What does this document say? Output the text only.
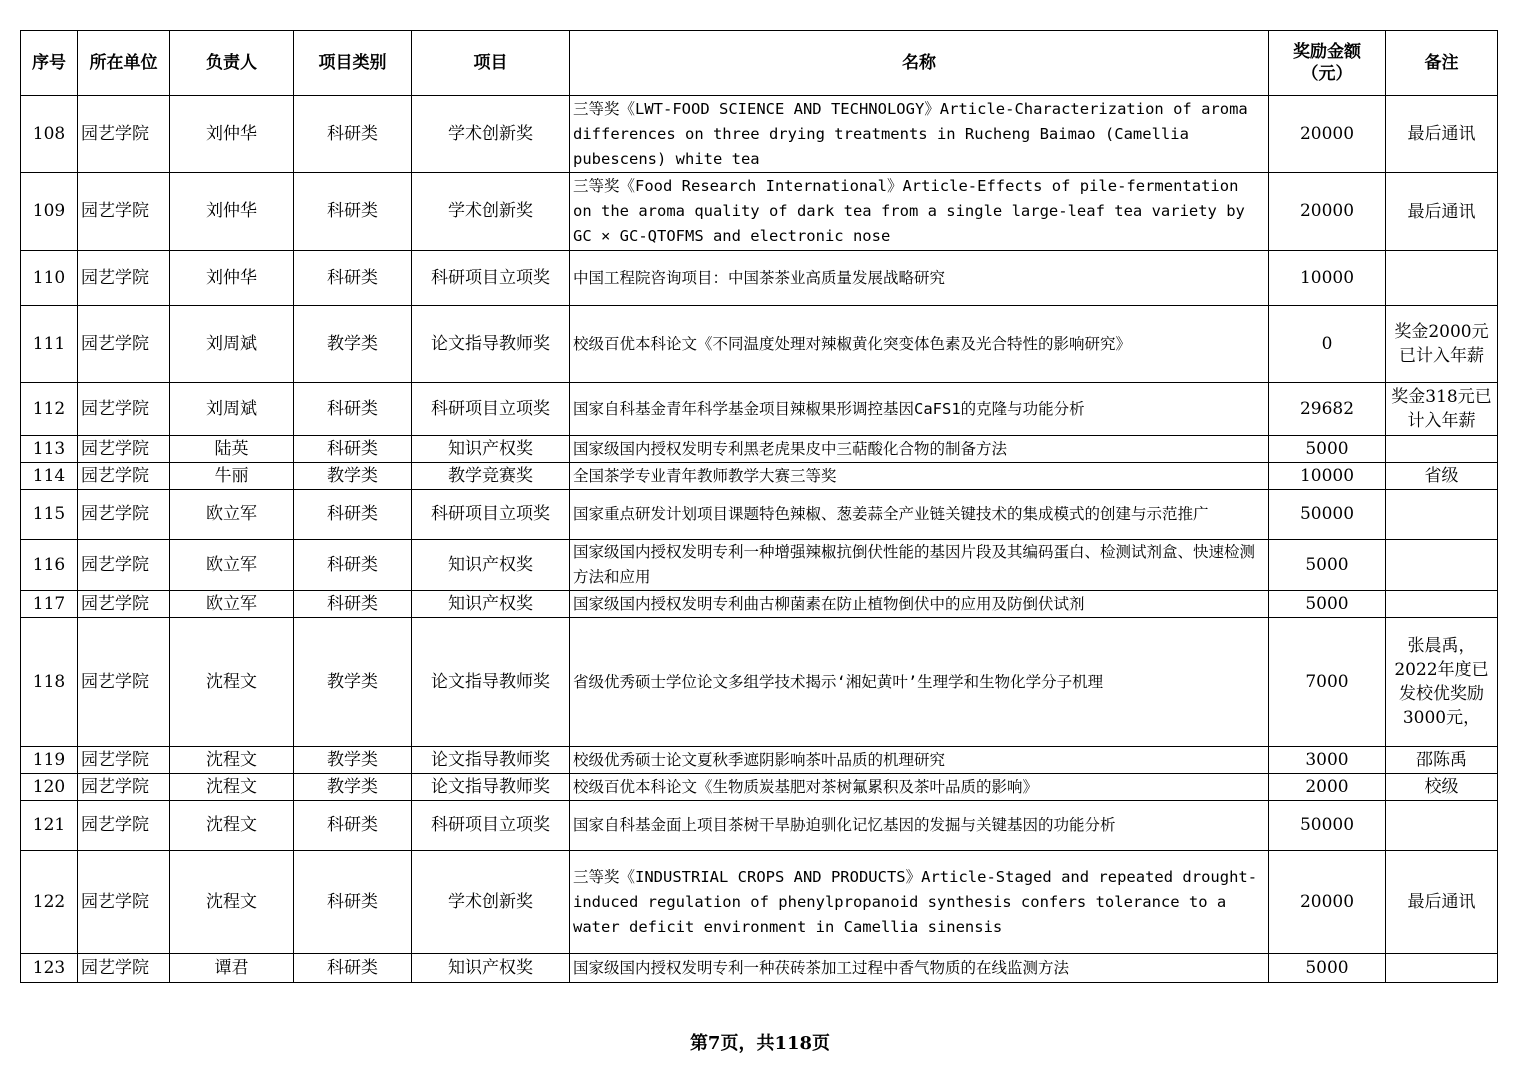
序号	所在单位	负责人	项目类别	项目	名称	奖励金额（元）	备注
108	园艺学院	刘仲华	科研类	学术创新奖	三等奖《LWT-FOOD SCIENCE AND TECHNOLOGY》Article-Characterization of aroma differences on three drying treatments in Rucheng Baimao (Camellia pubescens) white tea	20000	最后通讯
109	园艺学院	刘仲华	科研类	学术创新奖	三等奖《Food Research International》Article-Effects of pile-fermentation on the aroma quality of dark tea from a single large-leaf tea variety by GC × GC-QTOFMS and electronic nose	20000	最后通讯
110	园艺学院	刘仲华	科研类	科研项目立项奖	中国工程院咨询项目：中国茶茶业高质量发展战略研究	10000	
111	园艺学院	刘周斌	教学类	论文指导教师奖	校级百优本科论文《不同温度处理对辣椒黄化突变体色素及光合特性的影响研究》	0	奖金2000元已计入年薪
112	园艺学院	刘周斌	科研类	科研项目立项奖	国家自科基金青年科学基金项目辣椒果形调控基因CaFS1的克隆与功能分析	29682	奖金318元已计入年薪
113	园艺学院	陆英	科研类	知识产权奖	国家级国内授权发明专利黑老虎果皮中三萜酸化合物的制备方法	5000	
114	园艺学院	牛丽	教学类	教学竞赛奖	全国茶学专业青年教师教学大赛三等奖	10000	省级
115	园艺学院	欧立军	科研类	科研项目立项奖	国家重点研发计划项目课题特色辣椒、葱姜蒜全产业链关键技术的集成模式的创建与示范推广	50000	
116	园艺学院	欧立军	科研类	知识产权奖	国家级国内授权发明专利一种增强辣椒抗倒伏性能的基因片段及其编码蛋白、检测试剂盒、快速检测方法和应用	5000	
117	园艺学院	欧立军	科研类	知识产权奖	国家级国内授权发明专利曲古柳菌素在防止植物倒伏中的应用及防倒伏试剂	5000	
118	园艺学院	沈程文	教学类	论文指导教师奖	省级优秀硕士学位论文多组学技术揭示‘湘妃黄叶’生理学和生物化学分子机理	7000	张晨禹，2022年度已发校优奖励3000元，
119	园艺学院	沈程文	教学类	论文指导教师奖	校级优秀硕士论文夏秋季遮阴影响茶叶品质的机理研究	3000	邵陈禹
120	园艺学院	沈程文	教学类	论文指导教师奖	校级百优本科论文《生物质炭基肥对茶树氟累积及茶叶品质的影响》	2000	校级
121	园艺学院	沈程文	科研类	科研项目立项奖	国家自科基金面上项目茶树干旱胁迫驯化记忆基因的发掘与关键基因的功能分析	50000	
122	园艺学院	沈程文	科研类	学术创新奖	三等奖《INDUSTRIAL CROPS AND PRODUCTS》Article-Staged and repeated drought-induced regulation of phenylpropanoid synthesis confers tolerance to a water deficit environment in Camellia sinensis	20000	最后通讯
123	园艺学院	谭君	科研类	知识产权奖	国家级国内授权发明专利一种茯砖茶加工过程中香气物质的在线监测方法	5000	
第7页，共118页
